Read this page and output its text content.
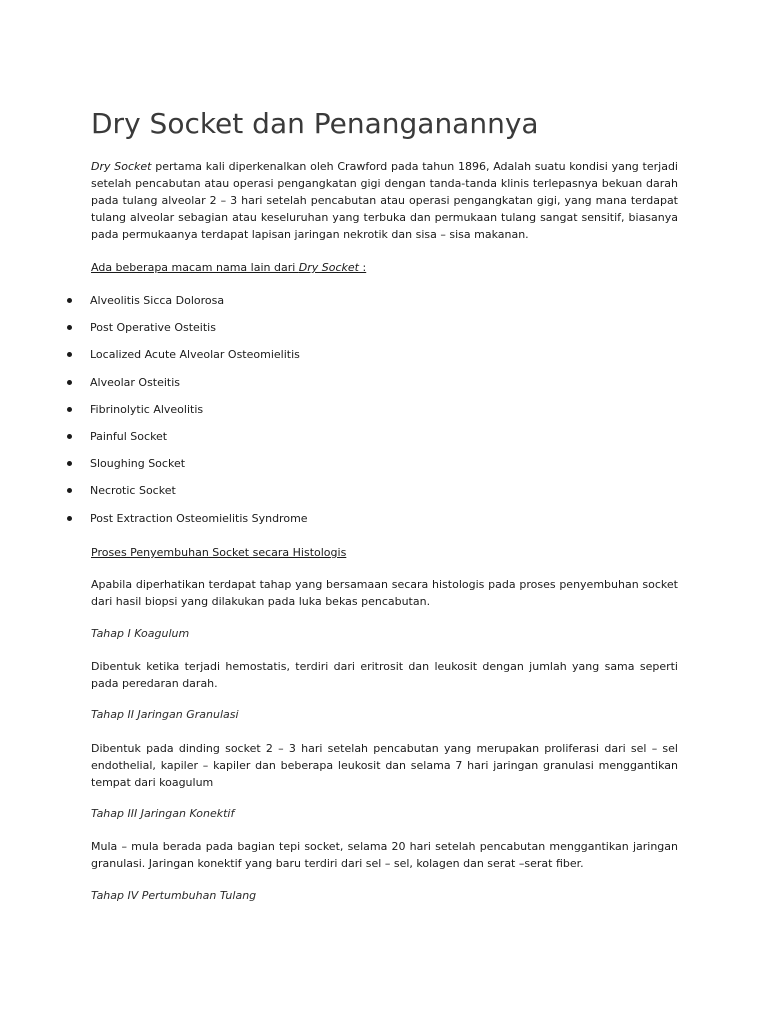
Dry Socket dan Penanganannya

Dry Socket pertama kali diperkenalkan oleh Crawford pada tahun 1896, Adalah suatu kondisi yang terjadi setelah pencabutan atau operasi pengangkatan gigi dengan tanda-tanda klinis terlepasnya bekuan darah pada tulang alveolar 2 – 3 hari setelah pencabutan atau operasi pengangkatan gigi, yang mana terdapat tulang alveolar sebagian atau keseluruhan yang terbuka dan permukaan tulang sangat sensitif, biasanya pada permukaanya terdapat lapisan jaringan nekrotik dan sisa – sisa makanan.

Ada beberapa macam nama lain dari Dry Socket :

Alveolitis Sicca Dolorosa
Post Operative Osteitis
Localized Acute Alveolar Osteomielitis
Alveolar Osteitis
Fibrinolytic Alveolitis
Painful Socket
Sloughing Socket
Necrotic Socket
Post Extraction Osteomielitis Syndrome

Proses Penyembuhan Socket secara Histologis

Apabila diperhatikan terdapat tahap yang bersamaan secara histologis pada proses penyembuhan socket dari hasil biopsi yang dilakukan pada luka bekas pencabutan.

Tahap I Koagulum

Dibentuk ketika terjadi hemostatis, terdiri dari eritrosit dan leukosit dengan jumlah yang sama seperti pada peredaran darah.

Tahap II Jaringan Granulasi

Dibentuk pada dinding socket 2 – 3 hari setelah pencabutan yang merupakan proliferasi dari sel – sel endothelial, kapiler – kapiler dan beberapa leukosit dan selama 7 hari jaringan granulasi menggantikan tempat dari koagulum

Tahap III Jaringan Konektif

Mula – mula berada pada bagian tepi socket, selama 20 hari setelah pencabutan menggantikan jaringan granulasi. Jaringan konektif yang baru terdiri dari sel – sel, kolagen dan serat –serat fiber.

Tahap IV Pertumbuhan Tulang
